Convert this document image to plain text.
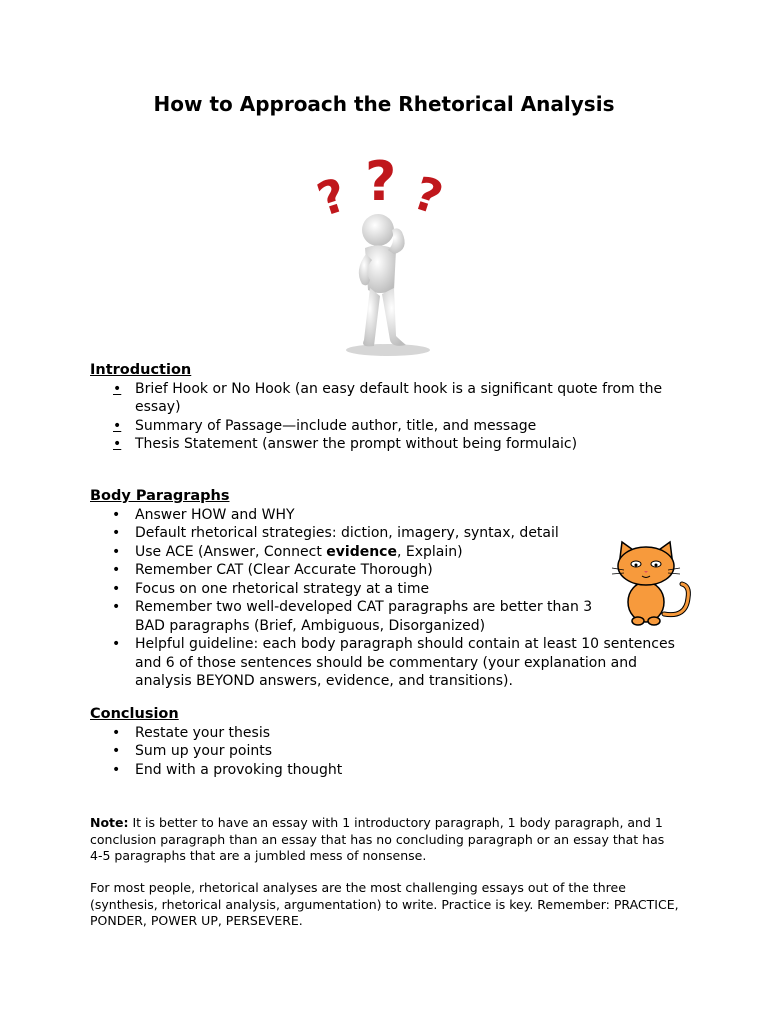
How to Approach the Rhetorical Analysis
? ? ?
Introduction
• Brief Hook or No Hook (an easy default hook is a significant quote from the essay)
• Summary of Passage—include author, title, and message
• Thesis Statement (answer the prompt without being formulaic)
Body Paragraphs
• Answer HOW and WHY
• Default rhetorical strategies: diction, imagery, syntax, detail
• Use ACE (Answer, Connect evidence, Explain)
• Remember CAT (Clear Accurate Thorough)
• Focus on one rhetorical strategy at a time
• Remember two well-developed CAT paragraphs are better than 3 BAD paragraphs (Brief, Ambiguous, Disorganized)
• Helpful guideline: each body paragraph should contain at least 10 sentences and 6 of those sentences should be commentary (your explanation and analysis BEYOND answers, evidence, and transitions).
Conclusion
• Restate your thesis
• Sum up your points
• End with a provoking thought
Note: It is better to have an essay with 1 introductory paragraph, 1 body paragraph, and 1 conclusion paragraph than an essay that has no concluding paragraph or an essay that has 4-5 paragraphs that are a jumbled mess of nonsense.
For most people, rhetorical analyses are the most challenging essays out of the three (synthesis, rhetorical analysis, argumentation) to write. Practice is key. Remember: PRACTICE, PONDER, POWER UP, PERSEVERE.
